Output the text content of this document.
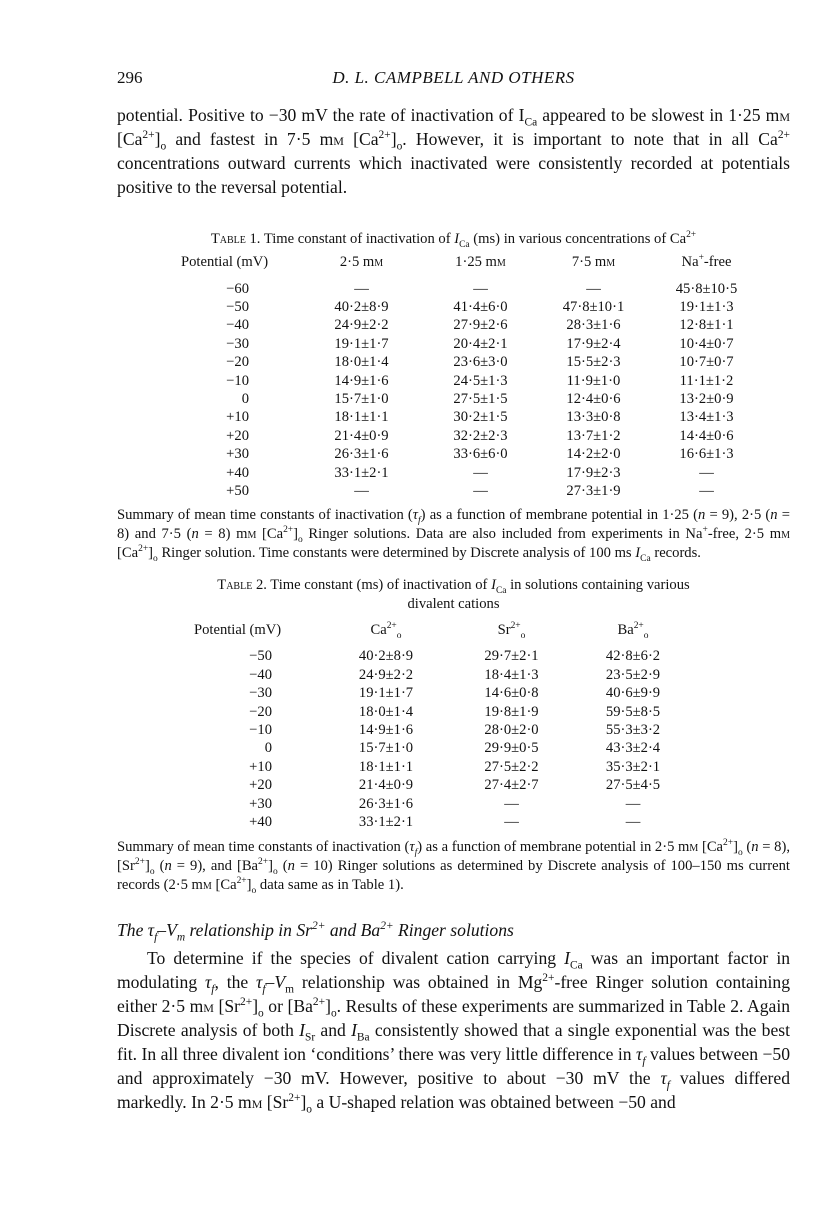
296	D. L. CAMPBELL AND OTHERS

potential. Positive to −30 mV the rate of inactivation of $I_{Ca}$ appeared to be slowest in 1·25 mm $[Ca^{2+}]_o$ and fastest in 7·5 mm $[Ca^{2+}]_o$. However, it is important to note that in all $Ca^{2+}$ concentrations outward currents which inactivated were consistently recorded at potentials positive to the reversal potential.

Table 1. Time constant of inactivation of $I_{Ca}$ (ms) in various concentrations of $Ca^{2+}$
Potential (mV)	2·5 mm	1·25 mm	7·5 mm	Na+-free
−60	—	—	—	45·8±10·5
−50	40·2±8·9	41·4±6·0	47·8±10·1	19·1±1·3
−40	24·9±2·2	27·9±2·6	28·3±1·6	12·8±1·1
−30	19·1±1·7	20·4±2·1	17·9±2·4	10·4±0·7
−20	18·0±1·4	23·6±3·0	15·5±2·3	10·7±0·7
−10	14·9±1·6	24·5±1·3	11·9±1·0	11·1±1·2
0	15·7±1·0	27·5±1·5	12·4±0·6	13·2±0·9
+10	18·1±1·1	30·2±1·5	13·3±0·8	13·4±1·3
+20	21·4±0·9	32·2±2·3	13·7±1·2	14·4±0·6
+30	26·3±1·6	33·6±6·0	14·2±2·0	16·6±1·3
+40	33·1±2·1	—	17·9±2·3	—
+50	—	—	27·3±1·9	—
Summary of mean time constants of inactivation $(\tau_f)$ as a function of membrane potential in 1·25 (n = 9), 2·5 (n = 8) and 7·5 (n = 8) mm $[Ca^{2+}]_o$ Ringer solutions. Data are also included from experiments in Na+-free, 2·5 mm $[Ca^{2+}]_o$ Ringer solution. Time constants were determined by Discrete analysis of 100 ms $I_{Ca}$ records.
Table 2. Time constant (ms) of inactivation of $I_{Ca}$ in solutions containing various
divalent cations
Potential (mV)	$Ca^{2+}_o$	$Sr^{2+}_o$	$Ba^{2+}_o$
−50	40·2±8·9	29·7±2·1	42·8±6·2
−40	24·9±2·2	18·4±1·3	23·5±2·9
−30	19·1±1·7	14·6±0·8	40·6±9·9
−20	18·0±1·4	19·8±1·9	59·5±8·5
−10	14·9±1·6	28·0±2·0	55·3±3·2
0	15·7±1·0	29·9±0·5	43·3±2·4
+10	18·1±1·1	27·5±2·2	35·3±2·1
+20	21·4±0·9	27·4±2·7	27·5±4·5
+30	26·3±1·6	—	—
+40	33·1±2·1	—	—
Summary of mean time constants of inactivation $(\tau_f)$ as a function of membrane potential in 2·5 mm $[Ca^{2+}]_o$ (n = 8), $[Sr^{2+}]_o$ (n = 9), and $[Ba^{2+}]_o$ (n = 10) Ringer solutions as determined by Discrete analysis of 100–150 ms current records (2·5 mm $[Ca^{2+}]_o$ data same as in Table 1).

The $\tau_f-V_m$ relationship in $Sr^{2+}$ and $Ba^{2+}$ Ringer solutions

To determine if the species of divalent cation carrying $I_{Ca}$ was an important factor in modulating $\tau_f$, the $\tau_f-V_m$ relationship was obtained in $Mg^{2+}$-free Ringer solution containing either 2·5 mm $[Sr^{2+}]_o$ or $[Ba^{2+}]_o$. Results of these experiments are summarized in Table 2. Again Discrete analysis of both $I_{Sr}$ and $I_{Ba}$ consistently showed that a single exponential was the best fit. In all three divalent ion ‘conditions’ there was very little difference in $\tau_f$ values between −50 and approximately −30 mV. However, positive to about −30 mV the $\tau_f$ values differed markedly. In 2·5 mm $[Sr^{2+}]_o$ a U-shaped relation was obtained between −50 and
